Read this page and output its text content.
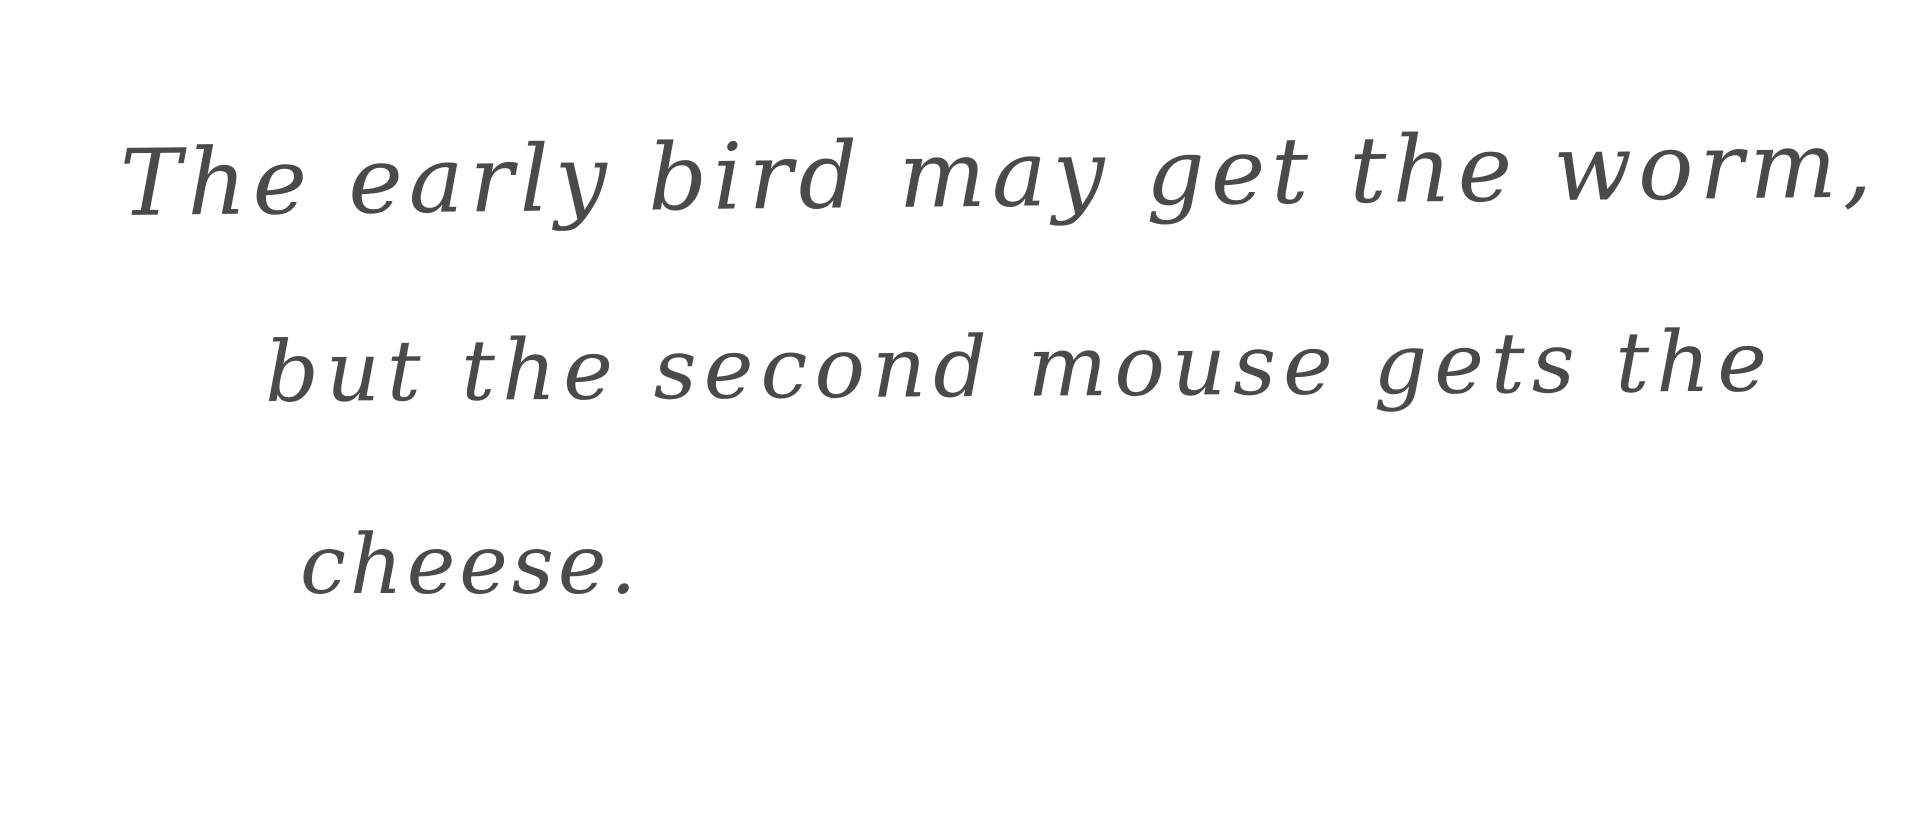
The early bird may get the worm,

but the second mouse gets the

cheese.
